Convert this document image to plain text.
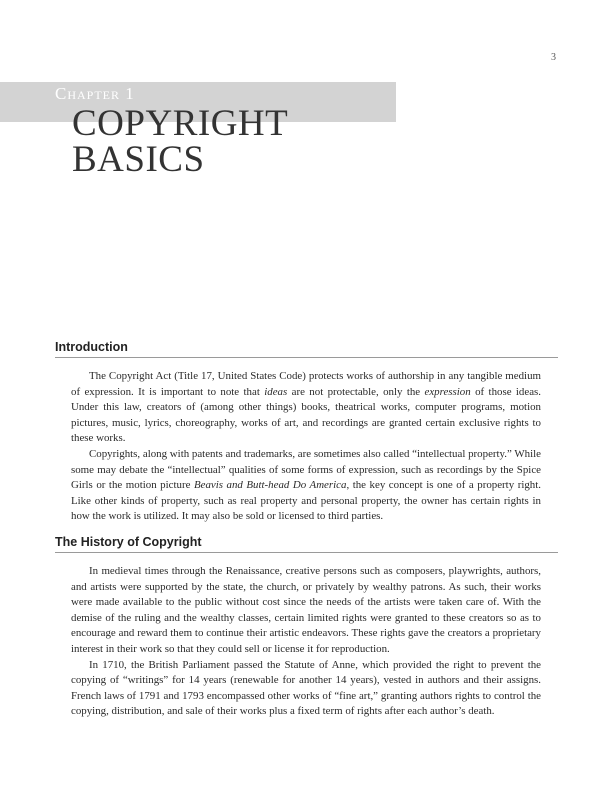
3
Chapter 1
COPYRIGHT
BASICS
Introduction

The Copyright Act (Title 17, United States Code) protects works of authorship in any tangible medium of expression. It is important to note that ideas are not protectable, only the expression of those ideas. Under this law, creators of (among other things) books, theatrical works, computer programs, motion pictures, music, lyrics, choreography, works of art, and recordings are granted certain exclusive rights to these works.

Copyrights, along with patents and trademarks, are sometimes also called “intellectual property.” While some may debate the “intellectual” qualities of some forms of expression, such as recordings by the Spice Girls or the motion picture Beavis and Butt-head Do America, the key concept is one of a property right. Like other kinds of property, such as real property and personal property, the owner has certain rights in how the work is utilized. It may also be sold or licensed to third parties.

The History of Copyright

In medieval times through the Renaissance, creative persons such as composers, playwrights, authors, and artists were supported by the state, the church, or privately by wealthy patrons. As such, their works were made available to the public without cost since the needs of the artists were taken care of. With the demise of the ruling and the wealthy classes, certain limited rights were granted to these creators so as to encourage and reward them to continue their artistic endeavors. These rights gave the creators a proprietary interest in their work so that they could sell or license it for reproduction.

In 1710, the British Parliament passed the Statute of Anne, which provided the right to prevent the copying of “writings” for 14 years (renewable for another 14 years), vested in authors and their assigns. French laws of 1791 and 1793 encompassed other works of “fine art,” granting authors rights to control the copying, distribution, and sale of their works plus a fixed term of rights after each author’s death.
